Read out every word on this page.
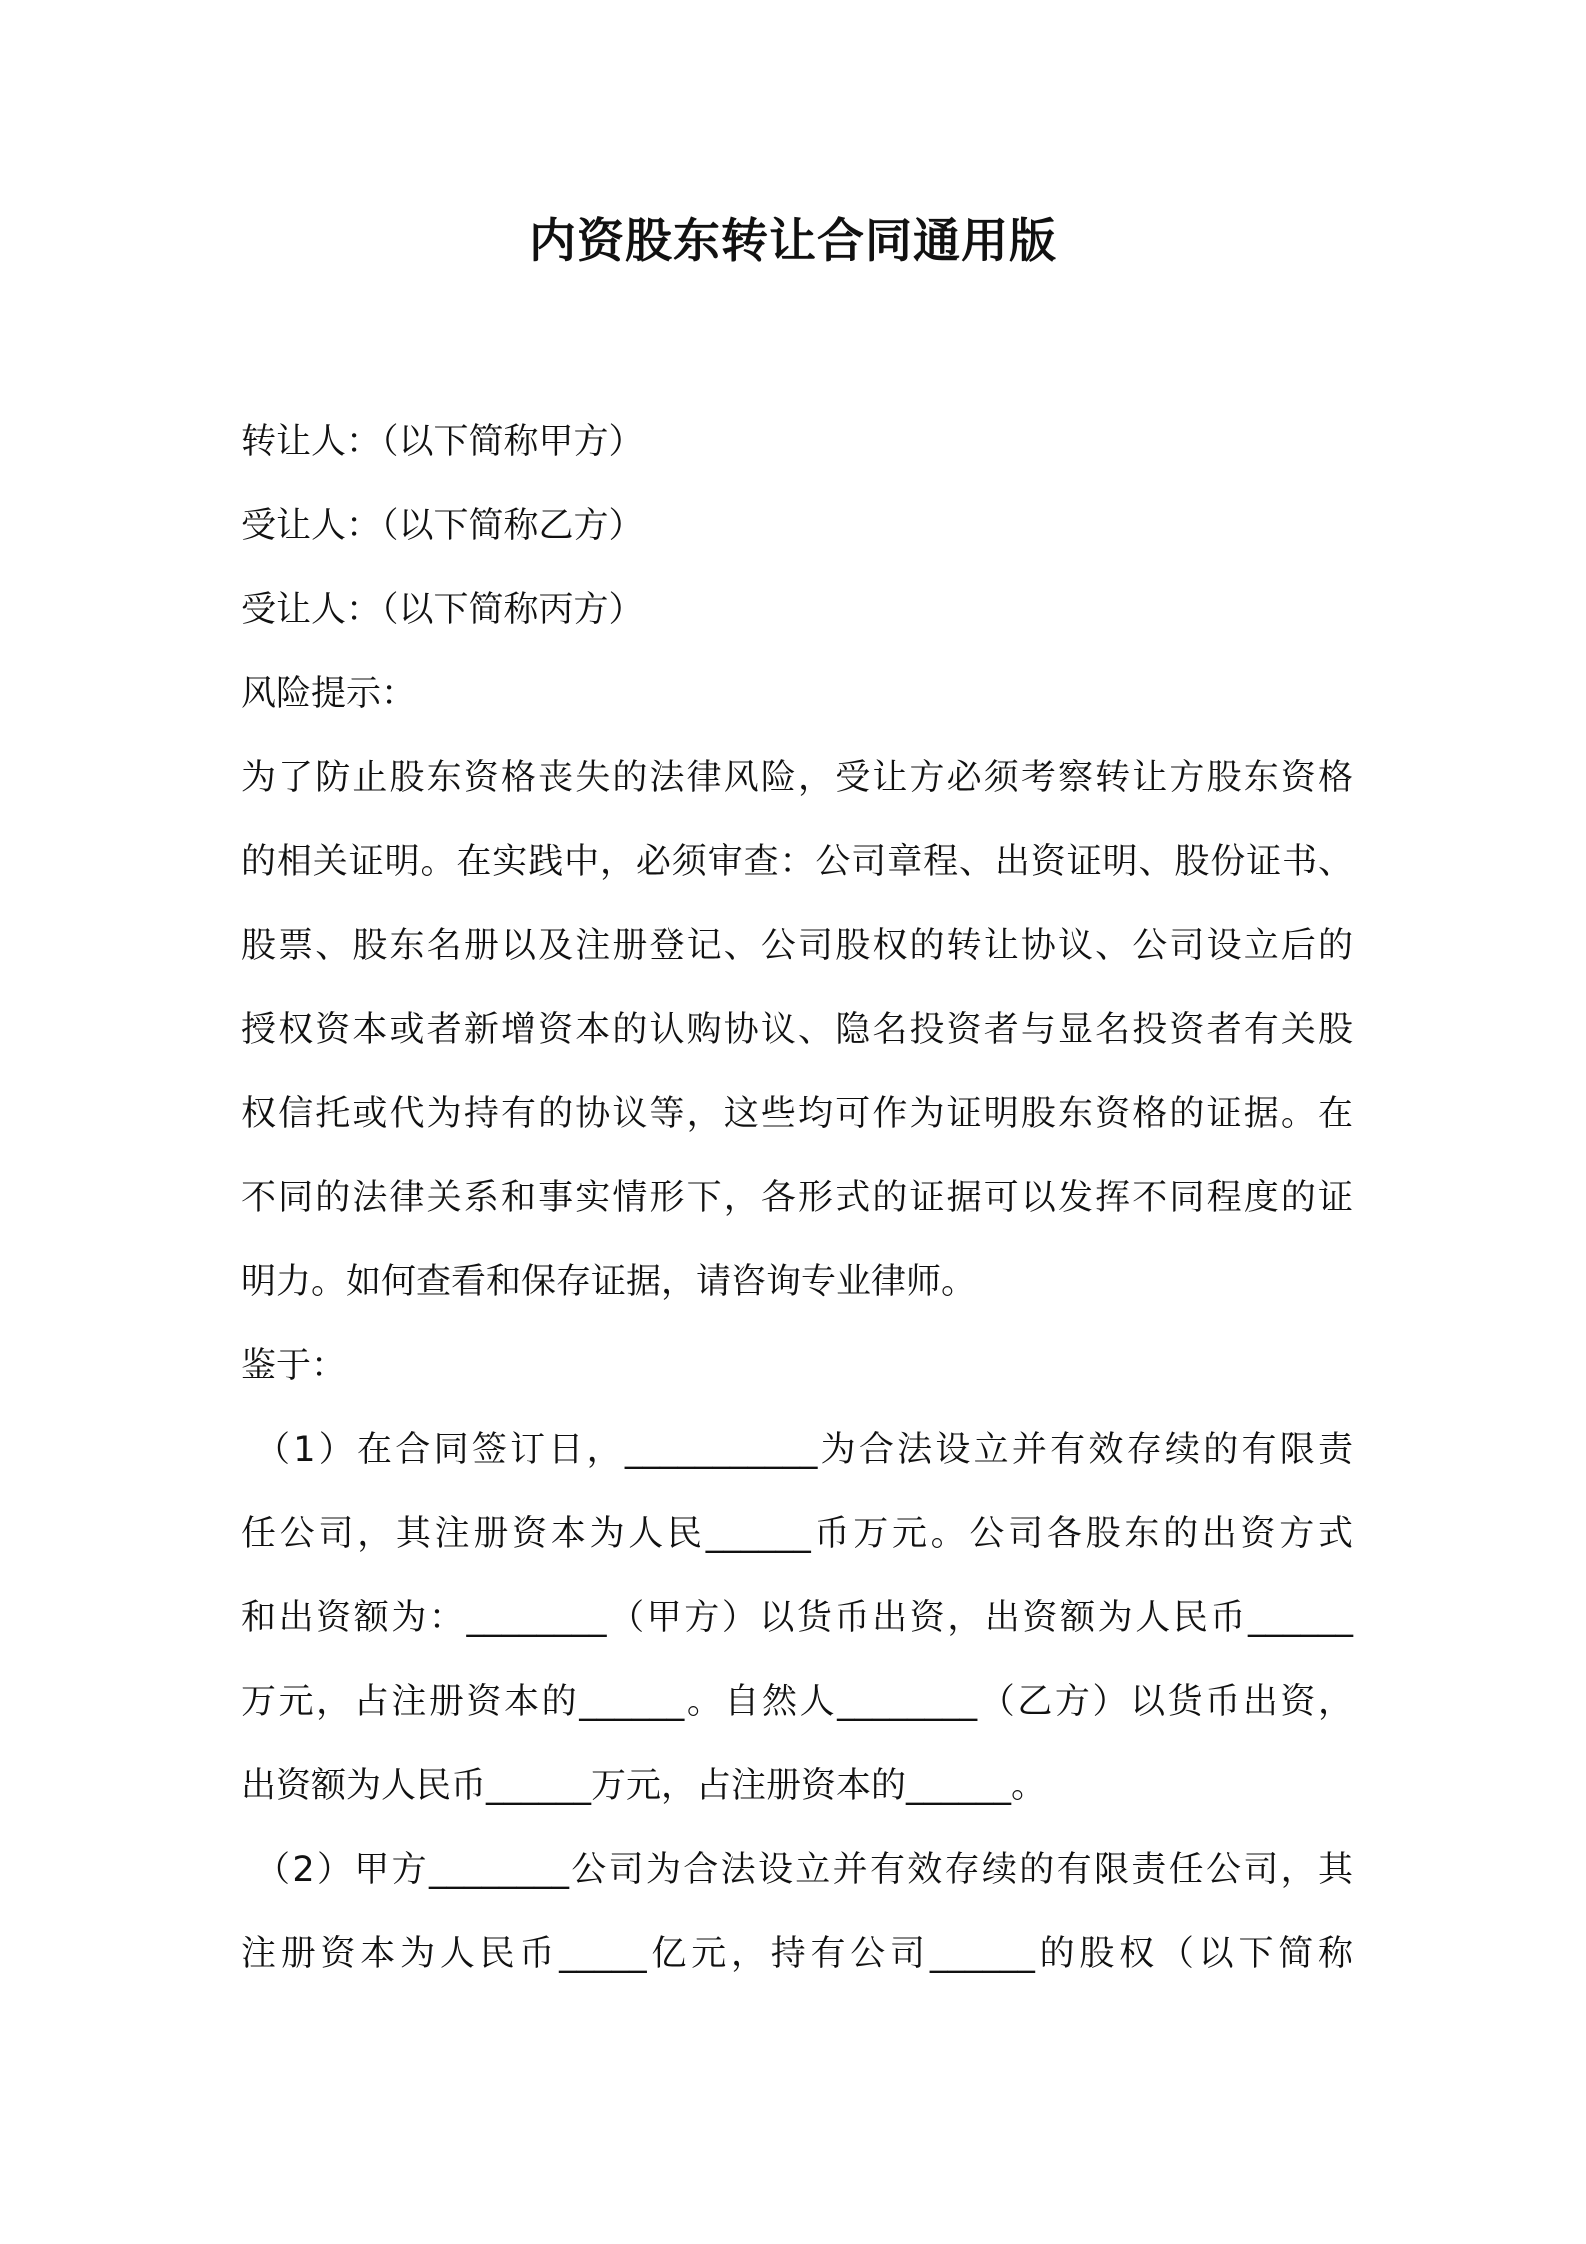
内资股东转让合同通用版
转让人：（以下简称甲方）
受让人：（以下简称乙方）
受让人：（以下简称丙方）
风险提示：
为了防止股东资格丧失的法律风险，受让方必须考察转让方股东资格
的相关证明。在实践中，必须审查：公司章程、出资证明、股份证书、
股票、股东名册以及注册登记、公司股权的转让协议、公司设立后的
授权资本或者新增资本的认购协议、隐名投资者与显名投资者有关股
权信托或代为持有的协议等，这些均可作为证明股东资格的证据。在
不同的法律关系和事实情形下，各形式的证据可以发挥不同程度的证
明力。如何查看和保存证据，请咨询专业律师。
鉴于：
（1）在合同签订日，___________为合法设立并有效存续的有限责
任公司，其注册资本为人民______币万元。公司各股东的出资方式
和出资额为：________（甲方）以货币出资，出资额为人民币______
万元，占注册资本的______。自然人________（乙方）以货币出资，
出资额为人民币______万元，占注册资本的______。
（2）甲方________公司为合法设立并有效存续的有限责任公司，其
注册资本为人民币_____亿元，持有公司______的股权（以下简称
